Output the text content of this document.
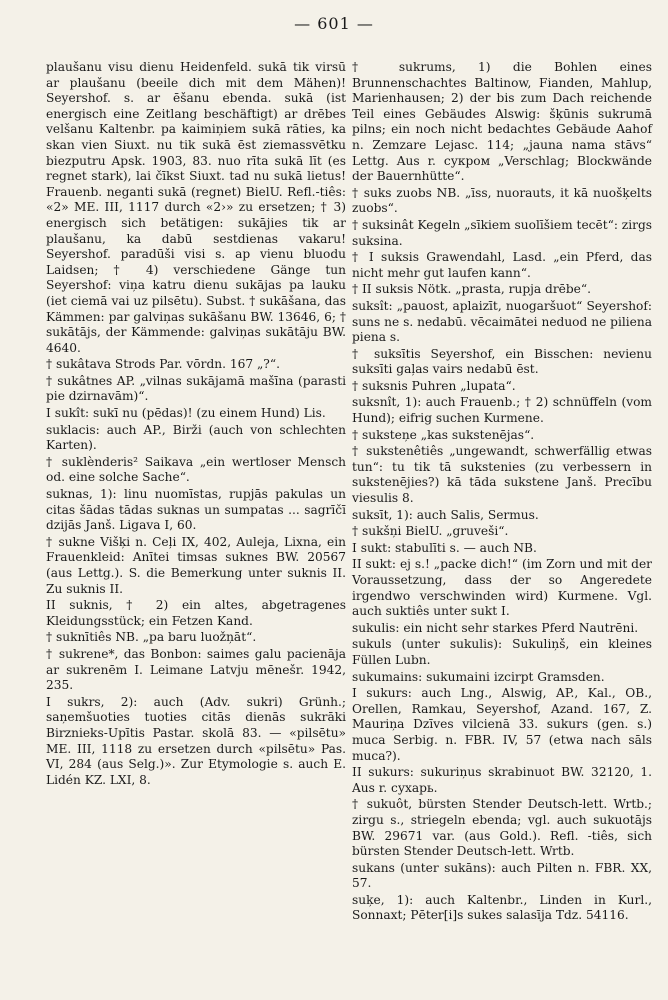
— 601 —
plaušanu visu dienu Heidenfeld. sukā tik virsū ar plaušanu (beeile dich mit dem Mähen)! Seyershof. s. ar ēšanu ebenda. sukā (ist energisch eine Zeitlang beschäftigt) ar drēbes velšanu Kaltenbr. pa kaimiņiem sukā rāties, ka skan vien Siuxt. nu tik sukā ēst ziemassvētku biezputru Apsk. 1903, 83. nuo rīta sukā līt (es regnet stark), lai čīkst Siuxt. tad nu sukā lietus! Frauenb. neganti sukā (regnet) BielU. Refl.-tiês: «2» ME. III, 1117 durch «2›» zu ersetzen; † 3) energisch sich betätigen: sukājies tik ar plaušanu, ka dabū sestdienas vakaru! Seyershof. paradūši visi s. ap vienu bluodu Laidsen; † 4) verschiedene Gänge tun Seyershof: viņa katru dienu sukājas pa lauku (iet ciemā vai uz pilsētu). Subst. † sukāšana, das Kämmen: par galviņas sukāšanu BW. 13646, 6; † sukātājs, der Kämmende: galviņas sukātāju BW. 4640.
† sukâtava Strods Par. vōrdn. 167 „?“.
† sukâtnes AP. „vilnas sukājamā mašīna (parasti pie dzirnavām)“.
I sukît: sukī nu (pēdas)! (zu einem Hund) Lis.
suklacis: auch AP., Birži (auch von schlechten Karten).
† suklènderis² Saikava „ein wertloser Mensch od. eine solche Sache“.
suknas, 1): linu nuomīstas, rupjās pakulas un citas šādas tādas suknas un sumpatas ... sagrīčī dzijās Janš. Ligava I, 60.
† sukne Višķi n. Ceļi IX, 402, Auleja, Lixna, ein Frauenkleid: Anītei timsas suknes BW. 20567 (aus Lettg.). S. die Bemerkung unter suknis II. Zu suknis II.
II suknis, † 2) ein altes, abgetragenes Kleidungsstück; ein Fetzen Kand.
† suknītiês NB. „pa baru luožņāt“.
† sukrene*, das Bonbon: saimes galu pacienāja ar sukrenēm I. Leimane Latvju mēnešr. 1942, 235.
I sukrs, 2): auch (Adv. sukri) Grünh.; saņemšuoties tuoties citās dienās sukrāki Birznieks-Upītis Pastar. skolā 83. — «pilsētu» ME. III, 1118 zu ersetzen durch «pilsētu» Pas. VI, 284 (aus Selg.)». Zur Etymologie s. auch E. Lidén KZ. LXI, 8.
† sukrums, 1) die Bohlen eines Brunnenschachtes Baltinow, Fianden, Mahlup, Marienhausen; 2) der bis zum Dach reichende Teil eines Gebäudes Alswig: šķūnis sukrumā pilns; ein noch nicht bedachtes Gebäude Aahof n. Zemzare Lejasc. 114; „jauna nama stāvs“ Lettg. Aus r. сукром „Verschlag; Blockwände der Bauernhütte“.
† suks zuobs NB. „īss, nuorauts, it kā nuošķelts zuobs“.
† suksinât Kegeln „sīkiem suolīšiem tecēt“: zirgs suksina.
† I suksis Grawendahl, Lasd. „ein Pferd, das nicht mehr gut laufen kann“.
† II suksis Nötk. „prasta, rupja drēbe“.
suksît: „pauost, aplaizīt, nuogaršuot“ Seyershof: suns ne s. nedabū. vēcaimātei neduod ne piliena piena s.
† suksītis Seyershof, ein Bisschen: nevienu suksīti gaļas vairs nedabū ēst.
† suksnis Puhren „lupata“.
suksnît, 1): auch Frauenb.; † 2) schnüffeln (vom Hund); eifrig suchen Kurmene.
† suksteņe „kas sukstenējas“.
† sukstenêtiês „ungewandt, schwerfällig etwas tun“: tu tik tā sukstenies (zu verbessern in sukstenējies?) kā tāda sukstene Janš. Precību viesulis 8.
suksīt, 1): auch Salis, Sermus.
† sukšņi BielU. „gruveši“.
I sukt: stabulīti s. — auch NB.
II sukt: ej s.! „packe dich!“ (im Zorn und mit der Voraussetzung, dass der so Angeredete irgendwo verschwinden wird) Kurmene. Vgl. auch suktiês unter sukt I.
sukulis: ein nicht sehr starkes Pferd Nautrēni.
sukuls (unter sukulis): Sukuliņš, ein kleines Füllen Lubn.
sukumains: sukumaini izcirpt Gramsden.
I sukurs: auch Lng., Alswig, AP., Kal., OB., Orellen, Ramkau, Seyershof, Azand. 167, Z. Mauriņa Dzīves vilcienā 33. sukurs (gen. s.) muca Serbig. n. FBR. IV, 57 (etwa nach sāls muca?).
II sukurs: sukuriņus skrabinuot BW. 32120, 1. Aus r. сухарь.
† sukuôt, bürsten Stender Deutsch-lett. Wrtb.; zirgu s., striegeln ebenda; vgl. auch sukuotājs BW. 29671 var. (aus Gold.). Refl. -tiês, sich bürsten Stender Deutsch-lett. Wrtb.
sukans (unter sukāns): auch Pilten n. FBR. XX, 57.
suķe, 1): auch Kaltenbr., Linden in Kurl., Sonnaxt; Pēter[i]s sukes salasīja Tdz. 54116.
